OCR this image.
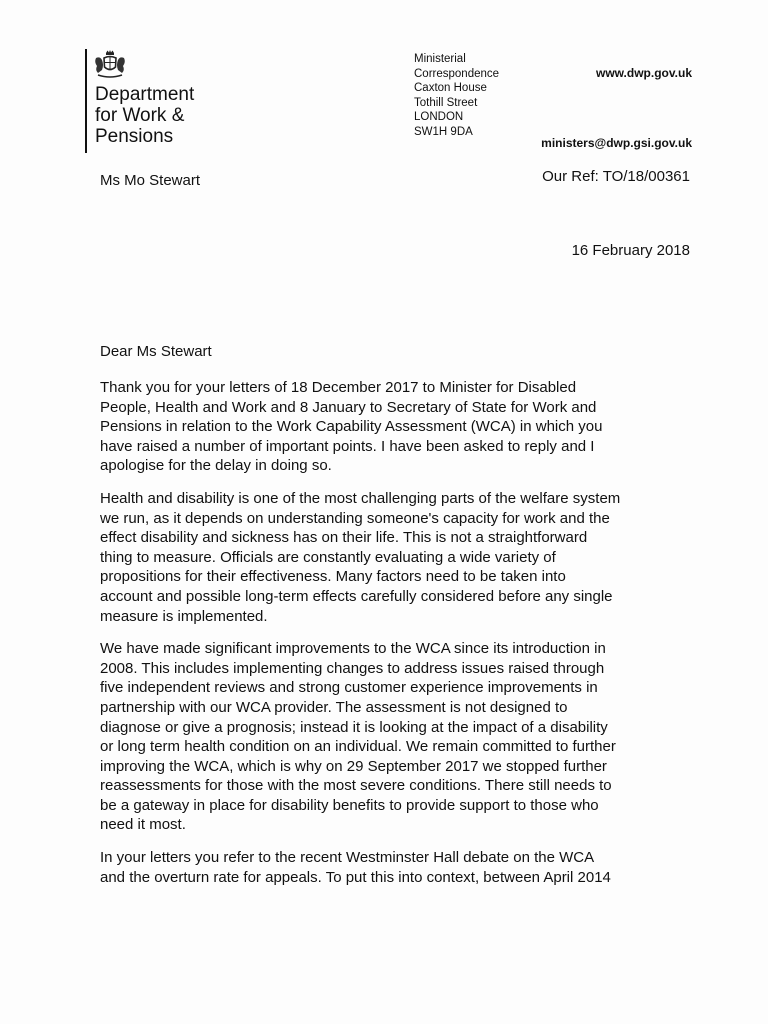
Department
for Work &
Pensions
Ministerial
Correspondence
Caxton House
Tothill Street
LONDON
SW1H 9DA
www.dwp.gov.uk
ministers@dwp.gsi.gov.uk
Ms Mo Stewart	Our Ref: TO/18/00361
16 February 2018
Dear Ms Stewart

Thank you for your letters of 18 December 2017 to Minister for Disabled
People, Health and Work and 8 January to Secretary of State for Work and
Pensions in relation to the Work Capability Assessment (WCA) in which you
have raised a number of important points. I have been asked to reply and I
apologise for the delay in doing so.

Health and disability is one of the most challenging parts of the welfare system
we run, as it depends on understanding someone's capacity for work and the
effect disability and sickness has on their life. This is not a straightforward
thing to measure. Officials are constantly evaluating a wide variety of
propositions for their effectiveness. Many factors need to be taken into
account and possible long-term effects carefully considered before any single
measure is implemented.

We have made significant improvements to the WCA since its introduction in
2008. This includes implementing changes to address issues raised through
five independent reviews and strong customer experience improvements in
partnership with our WCA provider. The assessment is not designed to
diagnose or give a prognosis; instead it is looking at the impact of a disability
or long term health condition on an individual. We remain committed to further
improving the WCA, which is why on 29 September 2017 we stopped further
reassessments for those with the most severe conditions. There still needs to
be a gateway in place for disability benefits to provide support to those who
need it most.

In your letters you refer to the recent Westminster Hall debate on the WCA
and the overturn rate for appeals. To put this into context, between April 2014
